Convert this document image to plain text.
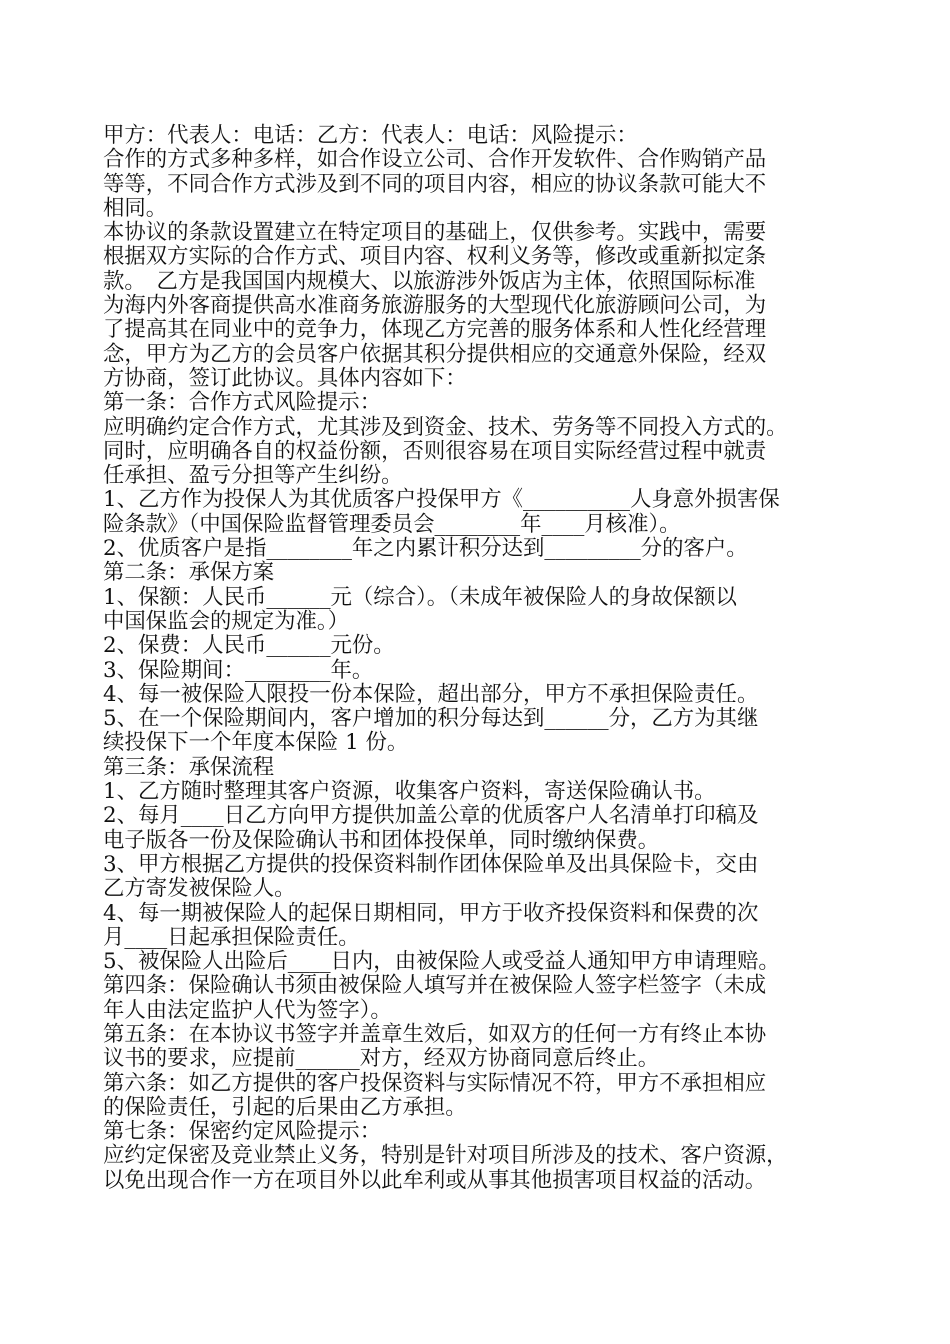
甲方：代表人：电话：乙方：代表人：电话：风险提示：
合作的方式多种多样，如合作设立公司、合作开发软件、合作购销产品
等等，不同合作方式涉及到不同的项目内容，相应的协议条款可能大不
相同。
本协议的条款设置建立在特定项目的基础上，仅供参考。实践中，需要
根据双方实际的合作方式、项目内容、权利义务等，修改或重新拟定条
款。　乙方是我国国内规模大、以旅游涉外饭店为主体，依照国际标准
为海内外客商提供高水准商务旅游服务的大型现代化旅游顾问公司，为
了提高其在同业中的竞争力，体现乙方完善的服务体系和人性化经营理
念，甲方为乙方的会员客户依据其积分提供相应的交通意外保险，经双
方协商，签订此协议。具体内容如下：
第一条：合作方式风险提示：
应明确约定合作方式，尤其涉及到资金、技术、劳务等不同投入方式的。
同时，应明确各自的权益份额，否则很容易在项目实际经营过程中就责
任承担、盈亏分担等产生纠纷。
1、乙方作为投保人为其优质客户投保甲方《__________人身意外损害保
险条款》（中国保险监督管理委员会________年____月核准）。
2、优质客户是指________年之内累计积分达到_________分的客户。
第二条：承保方案
1、保额：人民币______元（综合）。（未成年被保险人的身故保额以
中国保监会的规定为准。）
2、保费：人民币______元份。
3、保险期间：________年。
4、每一被保险人限投一份本保险，超出部分，甲方不承担保险责任。
5、在一个保险期间内，客户增加的积分每达到______分，乙方为其继
续投保下一个年度本保险 1 份。
第三条：承保流程
1、乙方随时整理其客户资源，收集客户资料，寄送保险确认书。
2、每月____日乙方向甲方提供加盖公章的优质客户人名清单打印稿及
电子版各一份及保险确认书和团体投保单，同时缴纳保费。
3、甲方根据乙方提供的投保资料制作团体保险单及出具保险卡，交由
乙方寄发被保险人。
4、每一期被保险人的起保日期相同，甲方于收齐投保资料和保费的次
月____日起承担保险责任。
5、被保险人出险后____日内，由被保险人或受益人通知甲方申请理赔。
第四条：保险确认书须由被保险人填写并在被保险人签字栏签字（未成
年人由法定监护人代为签字）。
第五条：在本协议书签字并盖章生效后，如双方的任何一方有终止本协
议书的要求，应提前______对方，经双方协商同意后终止。
第六条：如乙方提供的客户投保资料与实际情况不符，甲方不承担相应
的保险责任，引起的后果由乙方承担。
第七条：保密约定风险提示：
应约定保密及竞业禁止义务，特别是针对项目所涉及的技术、客户资源，
以免出现合作一方在项目外以此牟利或从事其他损害项目权益的活动。
